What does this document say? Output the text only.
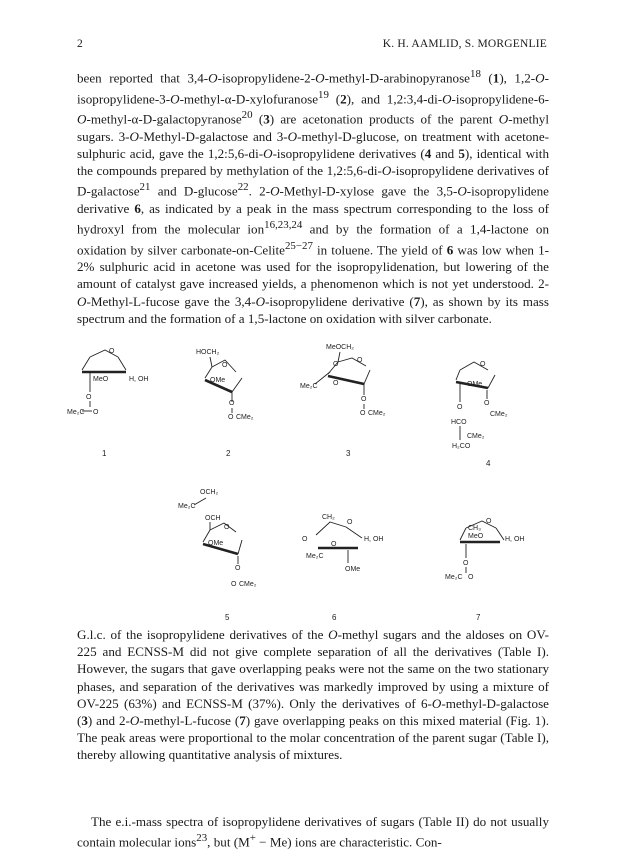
2	K. H. AAMLID, S. MORGENLIE

been reported that 3,4-O-isopropylidene-2-O-methyl-D-arabinopyranose$^{18}$ (1), 1,2-O-isopropylidene-3-O-methyl-α-D-xylofuranose$^{19}$ (2), and 1,2:3,4-di-O-isopropylidene-6-O-methyl-α-D-galactopyranose$^{20}$ (3) are acetonation products of the parent O-methyl sugars. 3-O-Methyl-D-galactose and 3-O-methyl-D-glucose, on treatment with acetone-sulphuric acid, gave the 1,2:5,6-di-O-isopropylidene derivatives (4 and 5), identical with the compounds prepared by methylation of the 1,2:5,6-di-O-isopropylidene derivatives of D-galactose$^{21}$ and D-glucose$^{22}$. 2-O-Methyl-D-xylose gave the 3,5-O-isopropylidene derivative 6, as indicated by a peak in the mass spectrum corresponding to the loss of hydroxyl from the molecular ion$^{16,23,24}$ and by the formation of a 1,4-lactone on oxidation by silver carbonate-on-Celite$^{25-27}$ in toluene. The yield of 6 was low when 1-2% sulphuric acid in acetone was used for the isopropylidenation, but lowering of the amount of catalyst gave increased yields, a phenomenon which is not yet understood. 2-O-Methyl-L-fucose gave the 3,4-O-isopropylidene derivative (7), as shown by its mass spectrum and the formation of a 1,5-lactone on oxidation with silver carbonate.

O
MeO	H, OH
O
O
Me₂C
1
HOCH₂
O
OMe
O
O CMe₂
2
MeOCH₂
O
O
Me₂C O
O
O CMe₂
3
O
OMe
O
O
CMe₂
HCO
CMe₂
H₂CO
4
OCH₂
Me₂C
OCH
O
OMe
O
O CMe₂
5
CH₂
O
O
O
H, OH
Me₂C
OMe
6
O
CH₃
MeO	H, OH
O
O
Me₂C
7

G.l.c. of the isopropylidene derivatives of the O-methyl sugars and the aldoses on OV-225 and ECNSS-M did not give complete separation of all the derivatives (Table I). However, the sugars that gave overlapping peaks were not the same on the two stationary phases, and separation of the derivatives was markedly improved by using a mixture of OV-225 (63%) and ECNSS-M (37%). Only the derivatives of 6-O-methyl-D-galactose (3) and 2-O-methyl-L-fucose (7) gave overlapping peaks on this mixed material (Fig. 1). The peak areas were proportional to the molar concentration of the parent sugar (Table I), thereby allowing quantitative analysis of mixtures.

The e.i.-mass spectra of isopropylidene derivatives of sugars (Table II) do not usually contain molecular ions$^{23}$, but (M+ − Me) ions are characteristic. Con-
